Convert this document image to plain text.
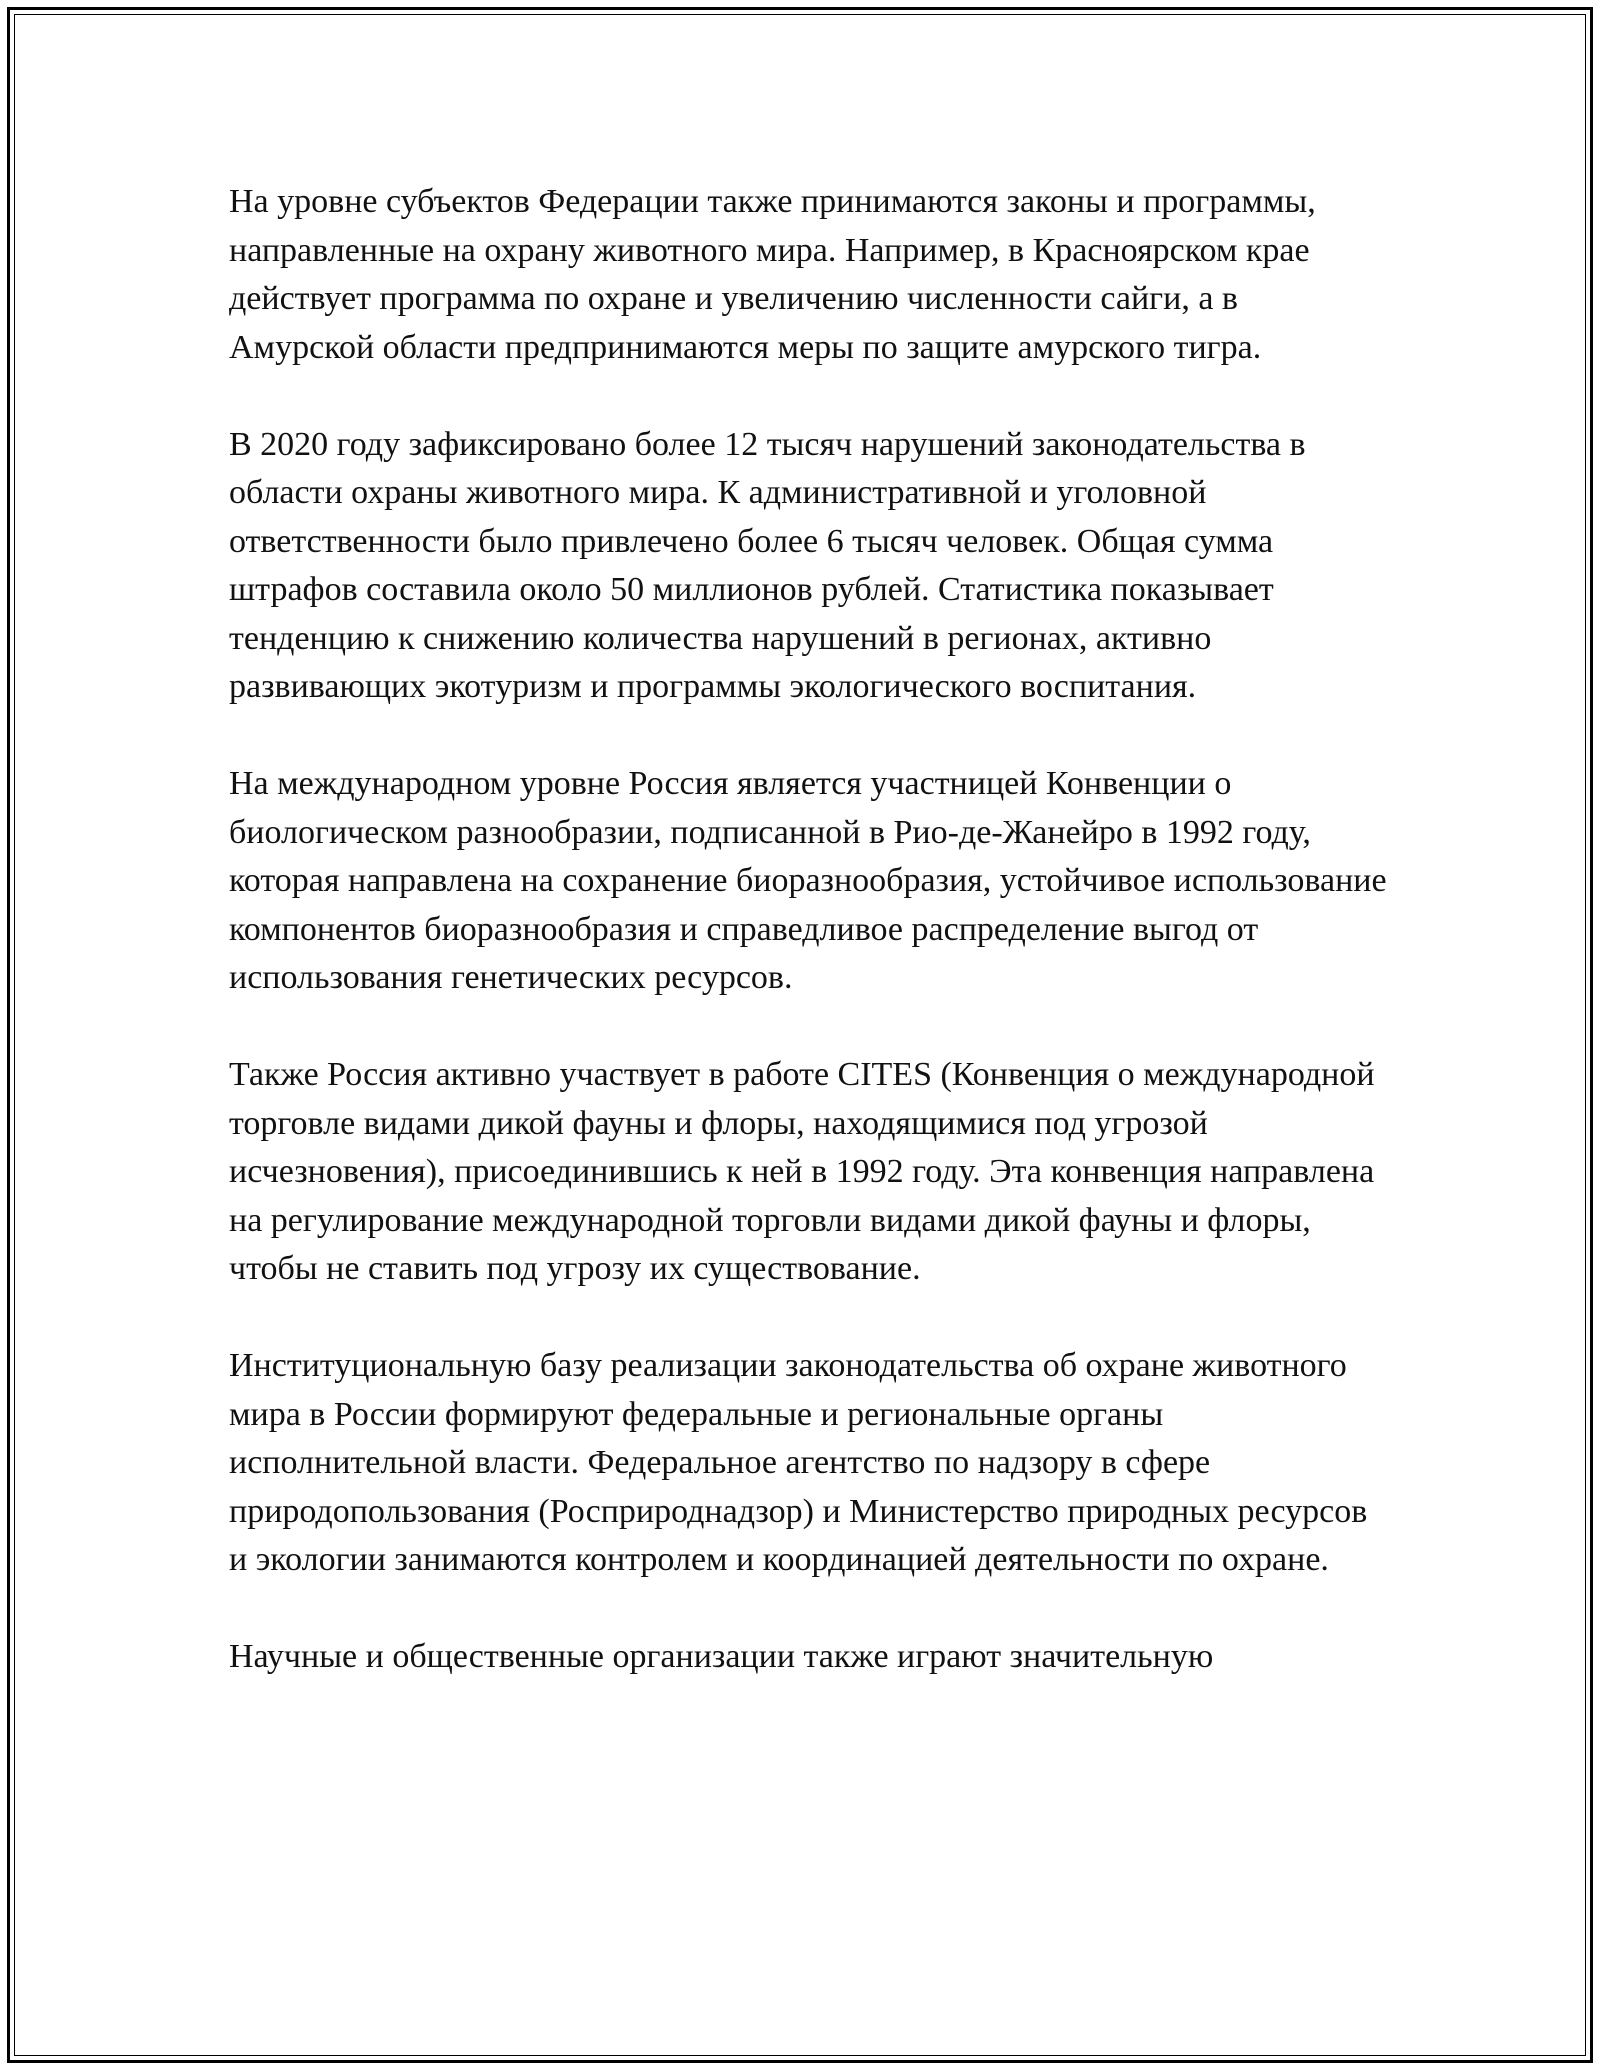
На уровне субъектов Федерации также принимаются законы и программы, направленные на охрану животного мира. Например, в Красноярском крае действует программа по охране и увеличению численности сайги, а в Амурской области предпринимаются меры по защите амурского тигра.

В 2020 году зафиксировано более 12 тысяч нарушений законодательства в области охраны животного мира. К административной и уголовной ответственности было привлечено более 6 тысяч человек. Общая сумма штрафов составила около 50 миллионов рублей. Статистика показывает тенденцию к снижению количества нарушений в регионах, активно развивающих экотуризм и программы экологического воспитания.

На международном уровне Россия является участницей Конвенции о биологическом разнообразии, подписанной в Рио-де-Жанейро в 1992 году, которая направлена на сохранение биоразнообразия, устойчивое использование компонентов биоразнообразия и справедливое распределение выгод от использования генетических ресурсов.

Также Россия активно участвует в работе CITES (Конвенция о международной торговле видами дикой фауны и флоры, находящимися под угрозой исчезновения), присоединившись к ней в 1992 году. Эта конвенция направлена на регулирование международной торговли видами дикой фауны и флоры, чтобы не ставить под угрозу их существование.

Институциональную базу реализации законодательства об охране животного мира в России формируют федеральные и региональные органы исполнительной власти. Федеральное агентство по надзору в сфере природопользования (Росприроднадзор) и Министерство природных ресурсов и экологии занимаются контролем и координацией деятельности по охране.

Научные и общественные организации также играют значительную
